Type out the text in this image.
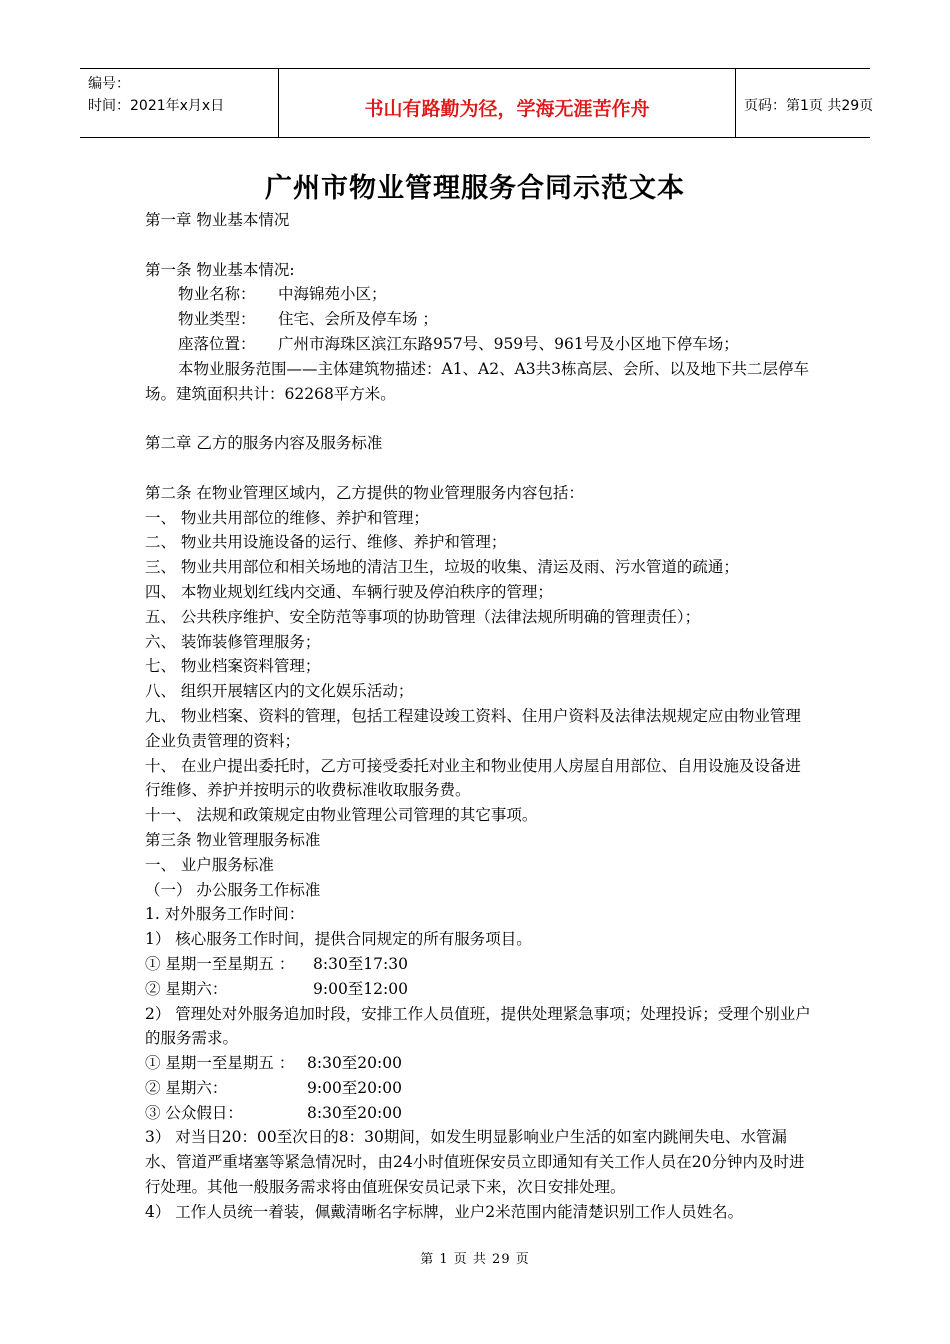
编号：
时间：2021年x月x日	书山有路勤为径，学海无涯苦作舟	页码：第1页 共29页
广州市物业管理服务合同示范文本

第一章 物业基本情况

第一条 物业基本情况:

物业名称： 中海锦苑小区；

物业类型： 住宅、会所及停车场 ；

座落位置： 广州市海珠区滨江东路957号、959号、961号及小区地下停车场；

本物业服务范围——主体建筑物描述：A1、A2、A3共3栋高层、会所、以及地下共二层停车场。建筑面积共计：62268平方米。

第二章 乙方的服务内容及服务标准

第二条 在物业管理区域内，乙方提供的物业管理服务内容包括：

一、 物业共用部位的维修、养护和管理；

二、 物业共用设施设备的运行、维修、养护和管理；

三、 物业共用部位和相关场地的清洁卫生，垃圾的收集、清运及雨、污水管道的疏通；

四、 本物业规划红线内交通、车辆行驶及停泊秩序的管理；

五、 公共秩序维护、安全防范等事项的协助管理（法律法规所明确的管理责任）；

六、 装饰装修管理服务；

七、 物业档案资料管理；

八、 组织开展辖区内的文化娱乐活动；

九、 物业档案、资料的管理，包括工程建设竣工资料、住用户资料及法律法规规定应由物业管理企业负责管理的资料；

十、 在业户提出委托时，乙方可接受委托对业主和物业使用人房屋自用部位、自用设施及设备进行维修、养护并按明示的收费标准收取服务费。

十一、 法规和政策规定由物业管理公司管理的其它事项。

第三条 物业管理服务标准

一、 业户服务标准

（一） 办公服务工作标准

1. 对外服务工作时间：

1） 核心服务工作时间，提供合同规定的所有服务项目。

① 星期一至星期五 ： 8:30至17:30

② 星期六：	9:00至12:00

2） 管理处对外服务追加时段，安排工作人员值班，提供处理紧急事项；处理投诉；受理个别业户的服务需求。

① 星期一至星期五 ： 8:30至20:00

② 星期六：	9:00至20:00

③ 公众假日：	8:30至20:00

3） 对当日20：00至次日的8：30期间，如发生明显影响业户生活的如室内跳闸失电、水管漏水、管道严重堵塞等紧急情况时，由24小时值班保安员立即通知有关工作人员在20分钟内及时进行处理。其他一般服务需求将由值班保安员记录下来，次日安排处理。

4） 工作人员统一着装，佩戴清晰名字标牌，业户2米范围内能清楚识别工作人员姓名。

第 1 页 共 29 页
